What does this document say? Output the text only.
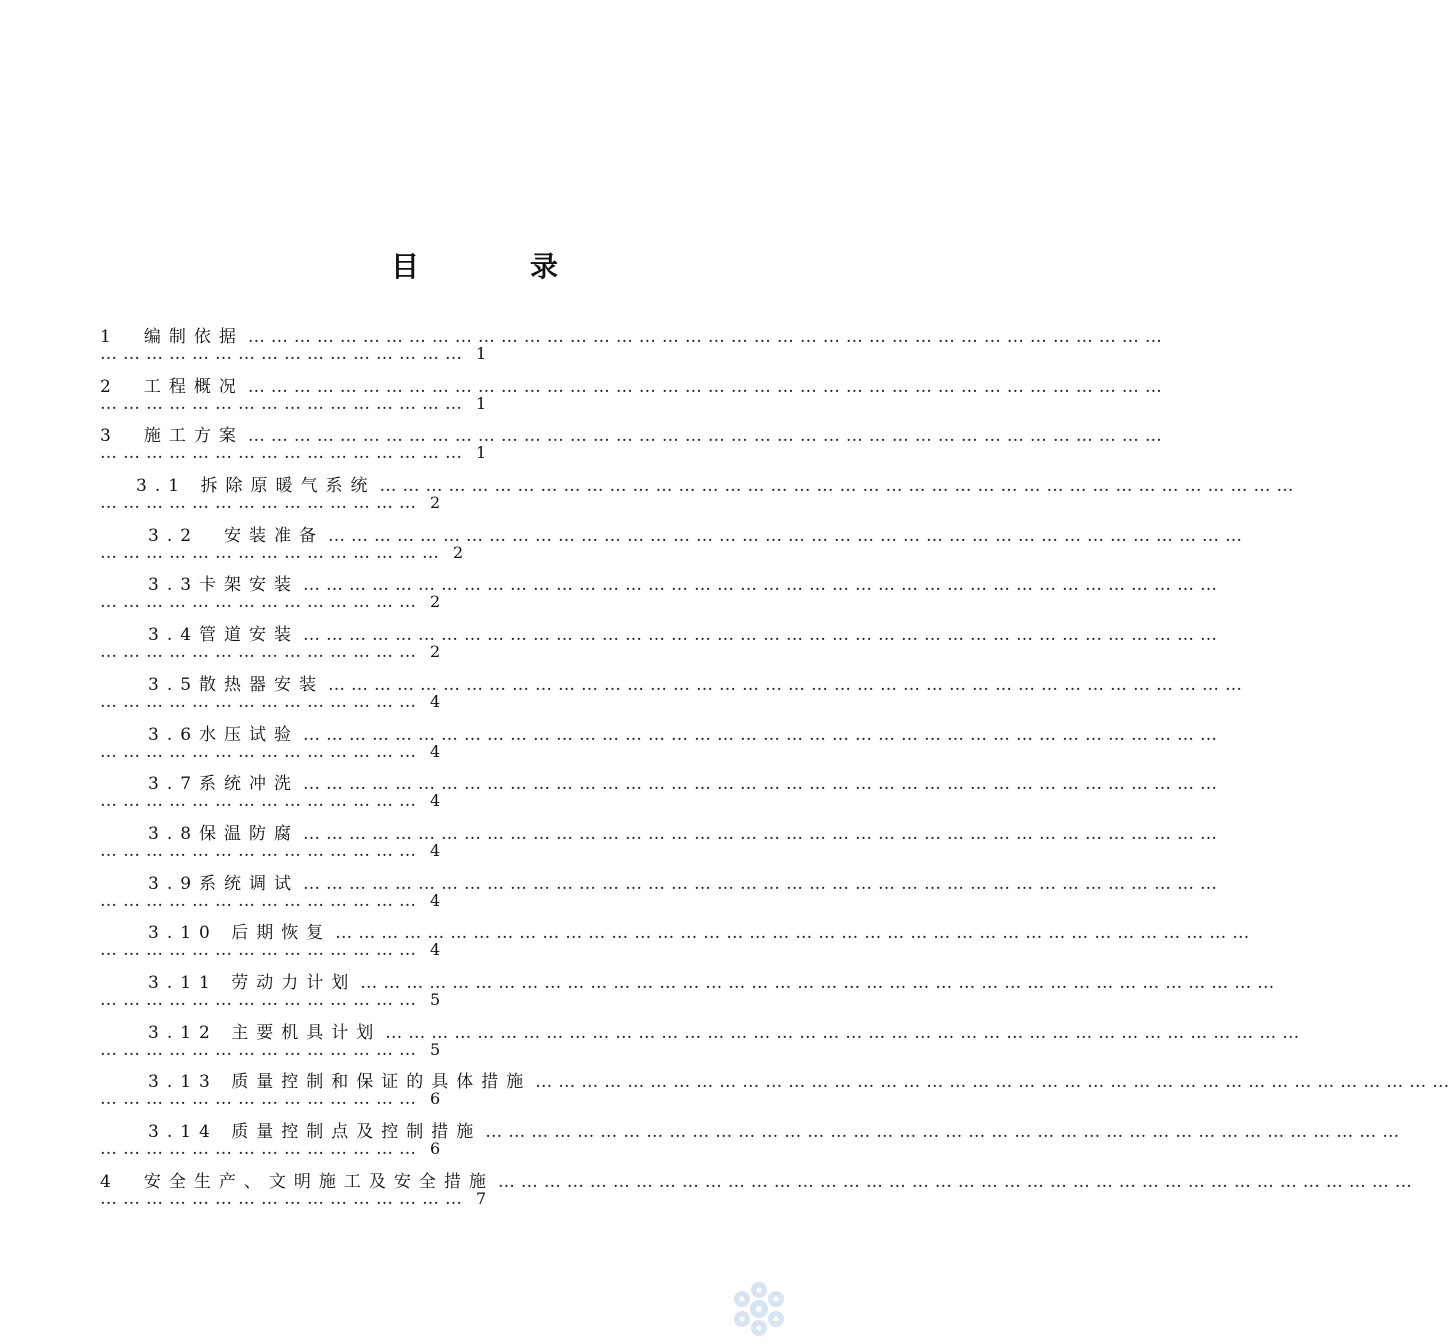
目	录
1　编制依据 …………………………………………………………………………………………………………
………………………………………… 1
2　工程概况 …………………………………………………………………………………………………………
………………………………………… 1
3　施工方案 …………………………………………………………………………………………………………
………………………………………… 1
3.1 拆除原暖气系统 …………………………………………………………………………………………………………
…………………………………… 2
3.2　安装准备 …………………………………………………………………………………………………………
……………………………………… 2
3.3卡架安装 …………………………………………………………………………………………………………
…………………………………… 2
3.4管道安装 …………………………………………………………………………………………………………
…………………………………… 2
3.5散热器安装 …………………………………………………………………………………………………………
…………………………………… 4
3.6水压试验 …………………………………………………………………………………………………………
…………………………………… 4
3.7系统冲洗 …………………………………………………………………………………………………………
…………………………………… 4
3.8保温防腐 …………………………………………………………………………………………………………
…………………………………… 4
3.9系统调试 …………………………………………………………………………………………………………
…………………………………… 4
3.10 后期恢复 …………………………………………………………………………………………………………
…………………………………… 4
3.11 劳动力计划 …………………………………………………………………………………………………………
…………………………………… 5
3.12 主要机具计划 …………………………………………………………………………………………………………
…………………………………… 5
3.13 质量控制和保证的具体措施 …………………………………………………………………………………………………………
…………………………………… 6
3.14 质量控制点及控制措施 …………………………………………………………………………………………………………
…………………………………… 6
4　安全生产、文明施工及安全措施 …………………………………………………………………………………………………………
………………………………………… 7
